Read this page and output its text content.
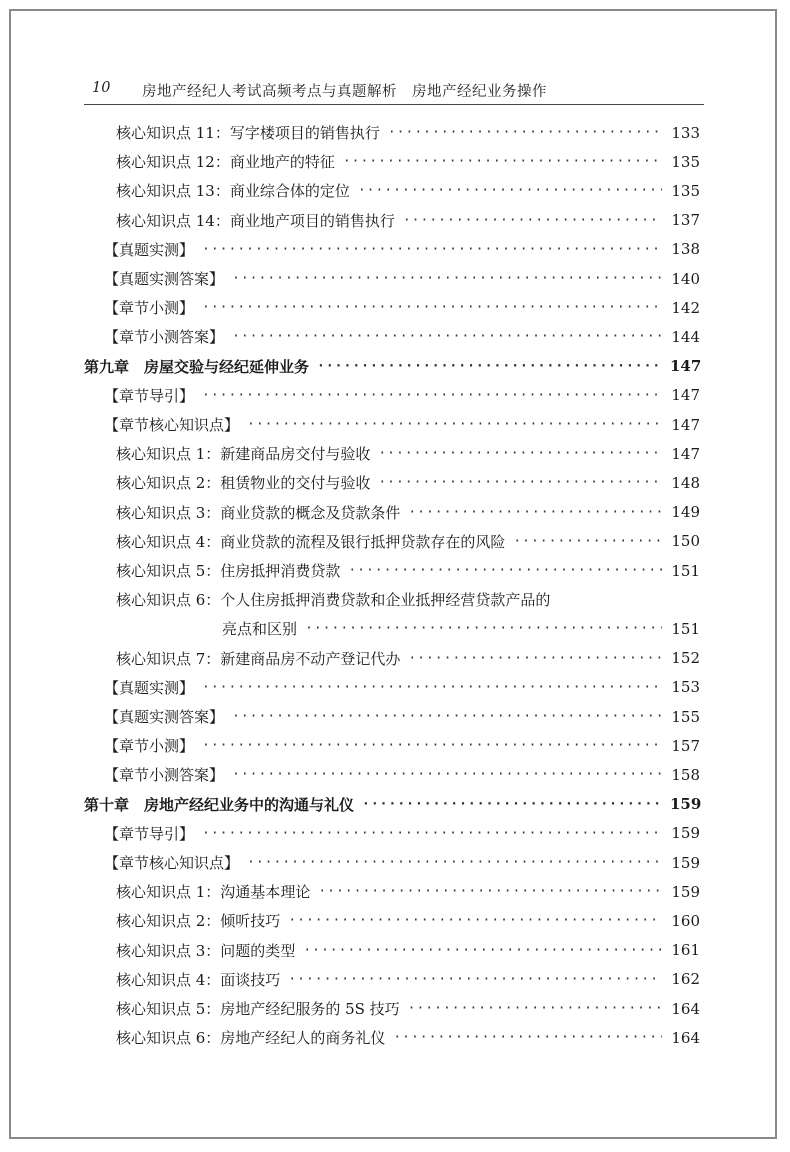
10 房地产经纪人考试高频考点与真题解析　房地产经纪业务操作
核心知识点 11：写字楼项目的销售执行 ·····	133
核心知识点 12：商业地产的特征 ·····	135
核心知识点 13：商业综合体的定位 ·····	135
核心知识点 14：商业地产项目的销售执行 ·····	137
【真题实测】 ·····	138
【真题实测答案】 ·····	140
【章节小测】 ·····	142
【章节小测答案】 ·····	144
第九章　房屋交验与经纪延伸业务 ·····	147
【章节导引】 ·····	147
【章节核心知识点】 ·····	147
核心知识点 1：新建商品房交付与验收 ·····	147
核心知识点 2：租赁物业的交付与验收 ·····	148
核心知识点 3：商业贷款的概念及贷款条件 ·····	149
核心知识点 4：商业贷款的流程及银行抵押贷款存在的风险 ·····	150
核心知识点 5：住房抵押消费贷款 ·····	151
核心知识点 6：个人住房抵押消费贷款和企业抵押经营贷款产品的
亮点和区别 ·····	151
核心知识点 7：新建商品房不动产登记代办 ·····	152
【真题实测】 ·····	153
【真题实测答案】 ·····	155
【章节小测】 ·····	157
【章节小测答案】 ·····	158
第十章　房地产经纪业务中的沟通与礼仪 ·····	159
【章节导引】 ·····	159
【章节核心知识点】 ·····	159
核心知识点 1：沟通基本理论 ·····	159
核心知识点 2：倾听技巧 ·····	160
核心知识点 3：问题的类型 ·····	161
核心知识点 4：面谈技巧 ·····	162
核心知识点 5：房地产经纪服务的 5S 技巧 ·····	164
核心知识点 6：房地产经纪人的商务礼仪 ·····	164
